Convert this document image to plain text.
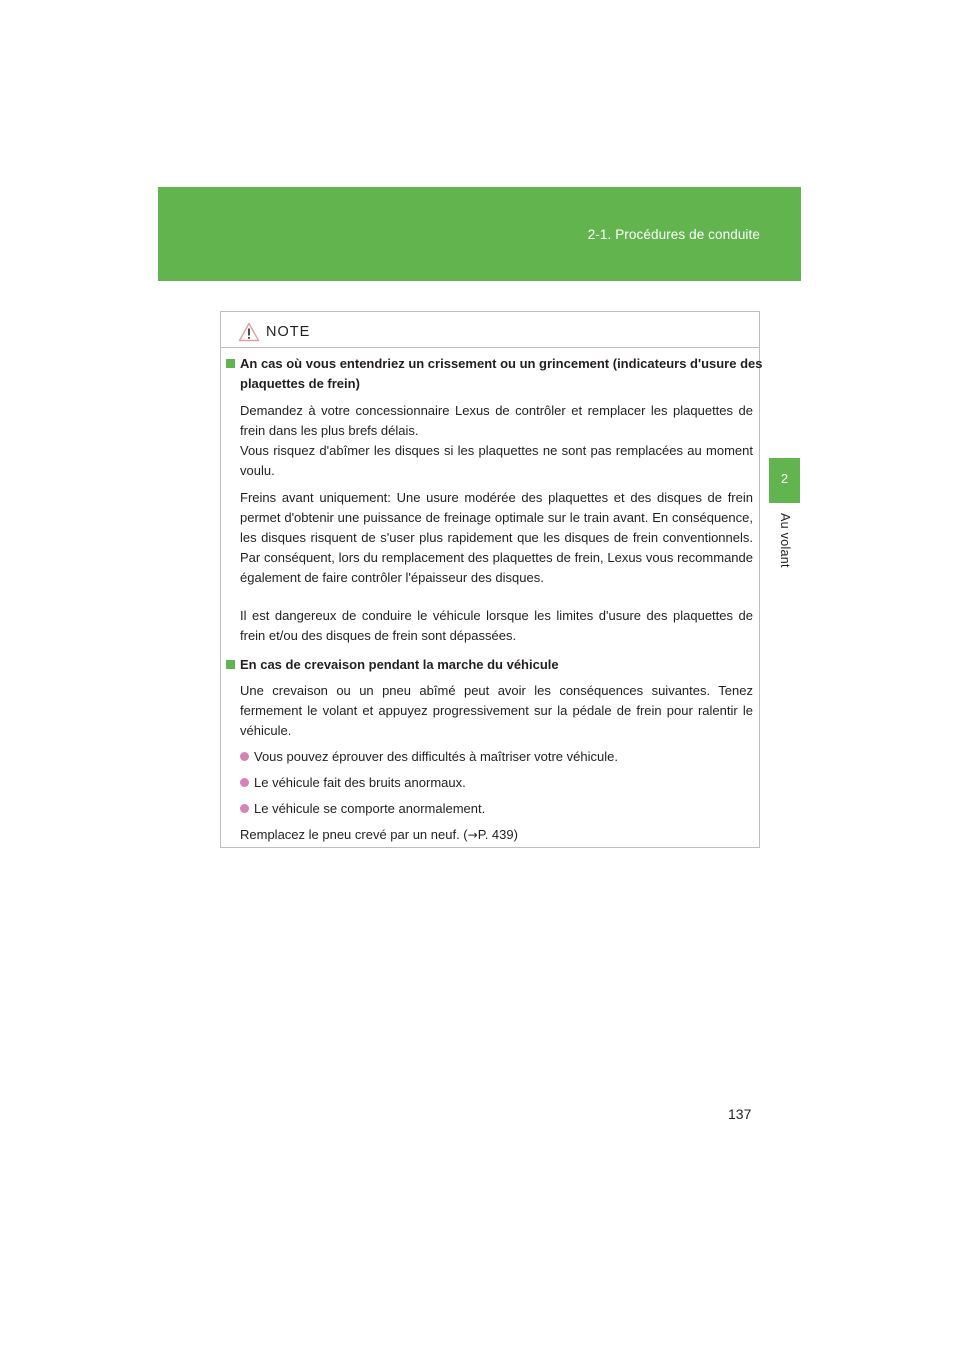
2-1. Procédures de conduite
2
Au volant
NOTE
An cas où vous entendriez un crissement ou un grincement (indicateurs d'usure des plaquettes de frein)
Demandez à votre concessionnaire Lexus de contrôler et remplacer les plaquettes de frein dans les plus brefs délais.
Vous risquez d'abîmer les disques si les plaquettes ne sont pas remplacées au moment voulu.
Freins avant uniquement: Une usure modérée des plaquettes et des disques de frein permet d'obtenir une puissance de freinage optimale sur le train avant. En conséquence, les disques risquent de s'user plus rapidement que les disques de frein conventionnels. Par conséquent, lors du remplacement des plaquettes de frein, Lexus vous recommande également de faire contrôler l'épaisseur des disques.
Il est dangereux de conduire le véhicule lorsque les limites d'usure des plaquettes de frein et/ou des disques de frein sont dépassées.
En cas de crevaison pendant la marche du véhicule
Une crevaison ou un pneu abîmé peut avoir les conséquences suivantes. Tenez fermement le volant et appuyez progressivement sur la pédale de frein pour ralentir le véhicule.
Vous pouvez éprouver des difficultés à maîtriser votre véhicule.
Le véhicule fait des bruits anormaux.
Le véhicule se comporte anormalement.
Remplacez le pneu crevé par un neuf. (→P. 439)
137
